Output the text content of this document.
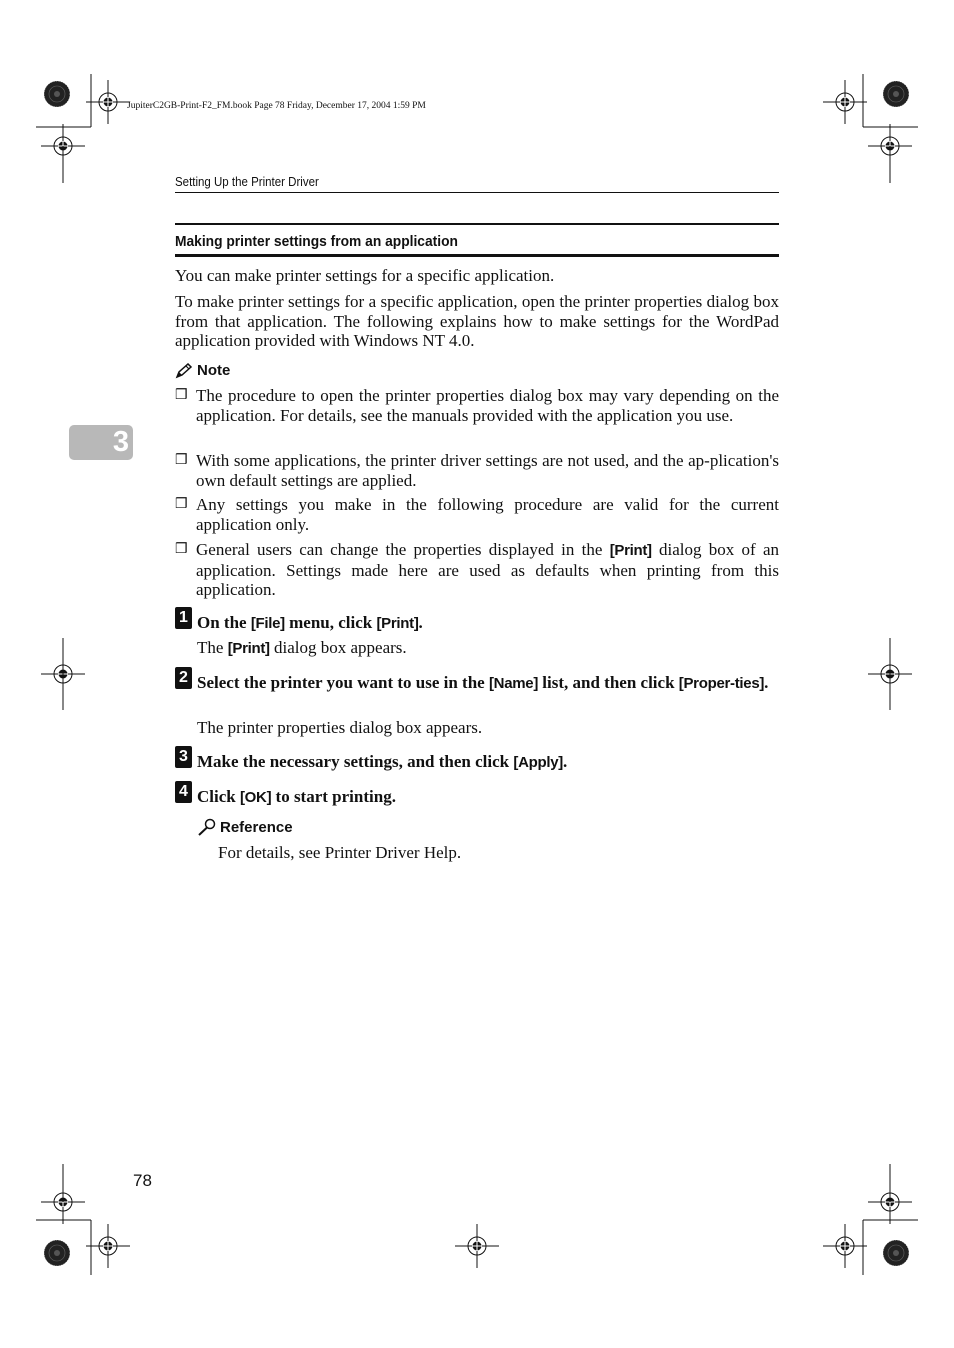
JupiterC2GB-Print-F2_FM.book Page 78 Friday, December 17, 2004 1:59 PM
Setting Up the Printer Driver
Making printer settings from an application
You can make printer settings for a specific application.
To make printer settings for a specific application, open the printer properties dialog box from that application. The following explains how to make settings for the WordPad application provided with Windows NT 4.0.
Note
❒ The procedure to open the printer properties dialog box may vary depending on the application. For details, see the manuals provided with the application you use.
❒ With some applications, the printer driver settings are not used, and the ap-plication's own default settings are applied.
❒ Any settings you make in the following procedure are valid for the current application only.
❒ General users can change the properties displayed in the [Print] dialog box of an application. Settings made here are used as defaults when printing from this application.
1 On the [File] menu, click [Print].
The [Print] dialog box appears.
2 Select the printer you want to use in the [Name] list, and then click [Proper-ties].
The printer properties dialog box appears.
3 Make the necessary settings, and then click [Apply].
4 Click [OK] to start printing.
Reference
For details, see Printer Driver Help.
3
78
